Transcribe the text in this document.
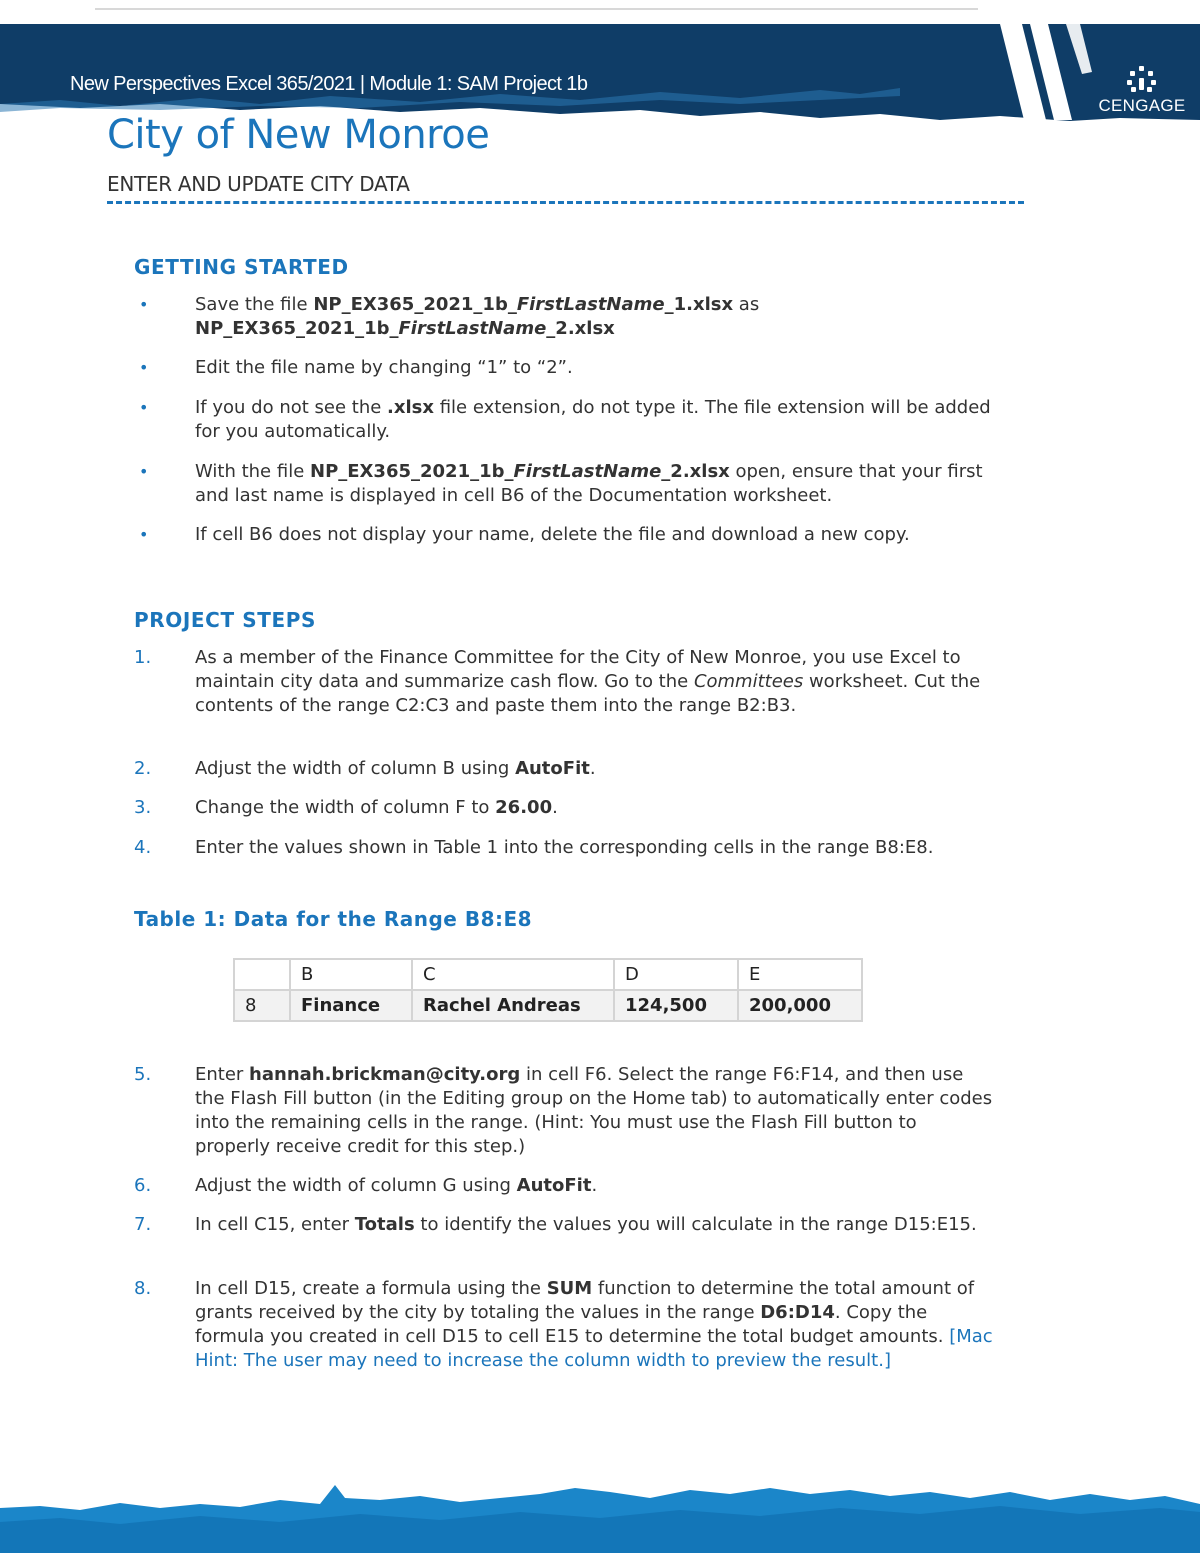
New Perspectives Excel 365/2021 | Module 1: SAM Project 1b
CENGAGE
City of New Monroe
ENTER AND UPDATE CITY DATA
GETTING STARTED
•	Save the file NP_EX365_2021_1b_FirstLastName_1.xlsx as
NP_EX365_2021_1b_FirstLastName_2.xlsx
•	Edit the file name by changing “1” to “2”.
•	If you do not see the .xlsx file extension, do not type it. The file extension will be added for you automatically.
•	With the file NP_EX365_2021_1b_FirstLastName_2.xlsx open, ensure that your first and last name is displayed in cell B6 of the Documentation worksheet.
•	If cell B6 does not display your name, delete the file and download a new copy.
PROJECT STEPS
1.	As a member of the Finance Committee for the City of New Monroe, you use Excel to maintain city data and summarize cash flow. Go to the Committees worksheet. Cut the contents of the range C2:C3 and paste them into the range B2:B3.
2.	Adjust the width of column B using AutoFit.
3.	Change the width of column F to 26.00.
4.	Enter the values shown in Table 1 into the corresponding cells in the range B8:E8.
Table 1: Data for the Range B8:E8
	B	C	D	E
8	Finance	Rachel Andreas	124,500	200,000
5.	Enter hannah.brickman@city.org in cell F6. Select the range F6:F14, and then use the Flash Fill button (in the Editing group on the Home tab) to automatically enter codes into the remaining cells in the range. (Hint: You must use the Flash Fill button to properly receive credit for this step.)
6.	Adjust the width of column G using AutoFit.
7.	In cell C15, enter Totals to identify the values you will calculate in the range D15:E15.
8.	In cell D15, create a formula using the SUM function to determine the total amount of grants received by the city by totaling the values in the range D6:D14. Copy the formula you created in cell D15 to cell E15 to determine the total budget amounts. [Mac Hint: The user may need to increase the column width to preview the result.]
